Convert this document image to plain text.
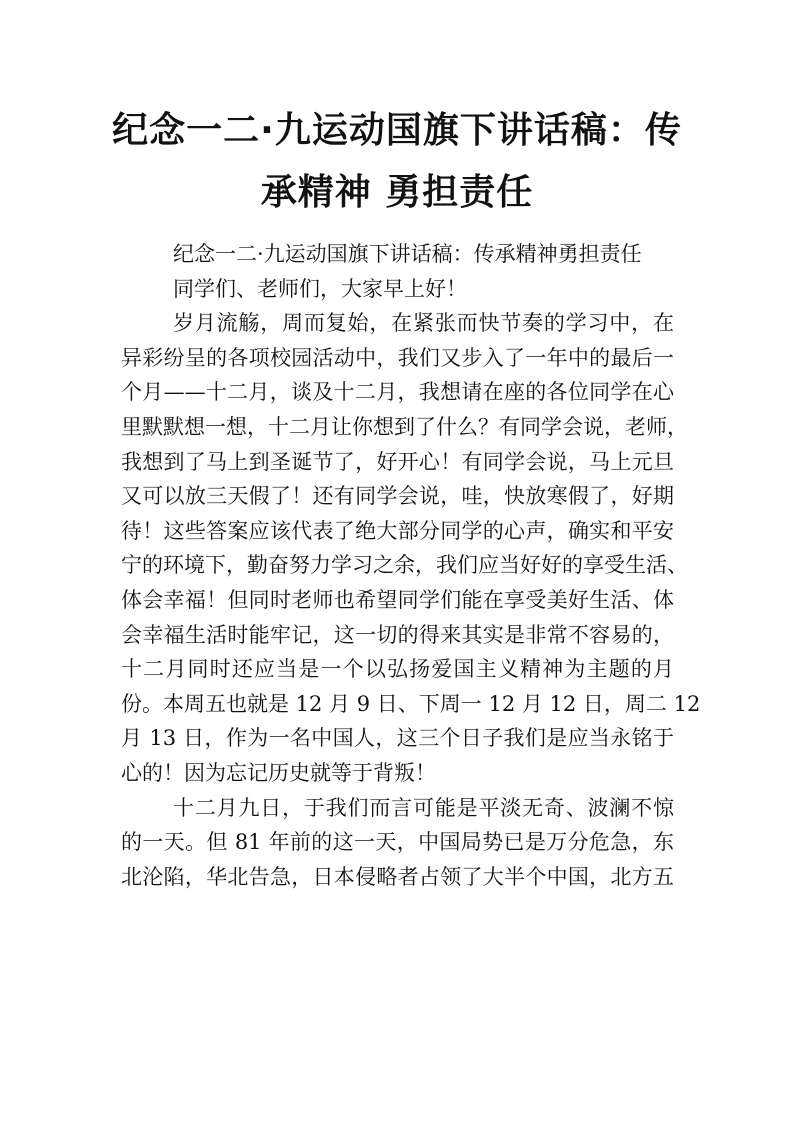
纪念一二·九运动国旗下讲话稿：传
承精神 勇担责任
纪念一二·九运动国旗下讲话稿：传承精神勇担责任
同学们、老师们，大家早上好！
岁月流觞，周而复始，在紧张而快节奏的学习中，在
异彩纷呈的各项校园活动中，我们又步入了一年中的最后一
个月——十二月，谈及十二月，我想请在座的各位同学在心
里默默想一想，十二月让你想到了什么？有同学会说，老师，
我想到了马上到圣诞节了，好开心！有同学会说，马上元旦
又可以放三天假了！还有同学会说，哇，快放寒假了，好期
待！这些答案应该代表了绝大部分同学的心声，确实和平安
宁的环境下，勤奋努力学习之余，我们应当好好的享受生活、
体会幸福！但同时老师也希望同学们能在享受美好生活、体
会幸福生活时能牢记，这一切的得来其实是非常不容易的，
十二月同时还应当是一个以弘扬爱国主义精神为主题的月
份。本周五也就是 12 月 9 日、下周一 12 月 12 日，周二 12
月 13 日，作为一名中国人，这三个日子我们是应当永铭于
心的！因为忘记历史就等于背叛！
十二月九日，于我们而言可能是平淡无奇、波澜不惊
的一天。但 81 年前的这一天，中国局势已是万分危急，东
北沦陷，华北告急，日本侵略者占领了大半个中国，北方五
